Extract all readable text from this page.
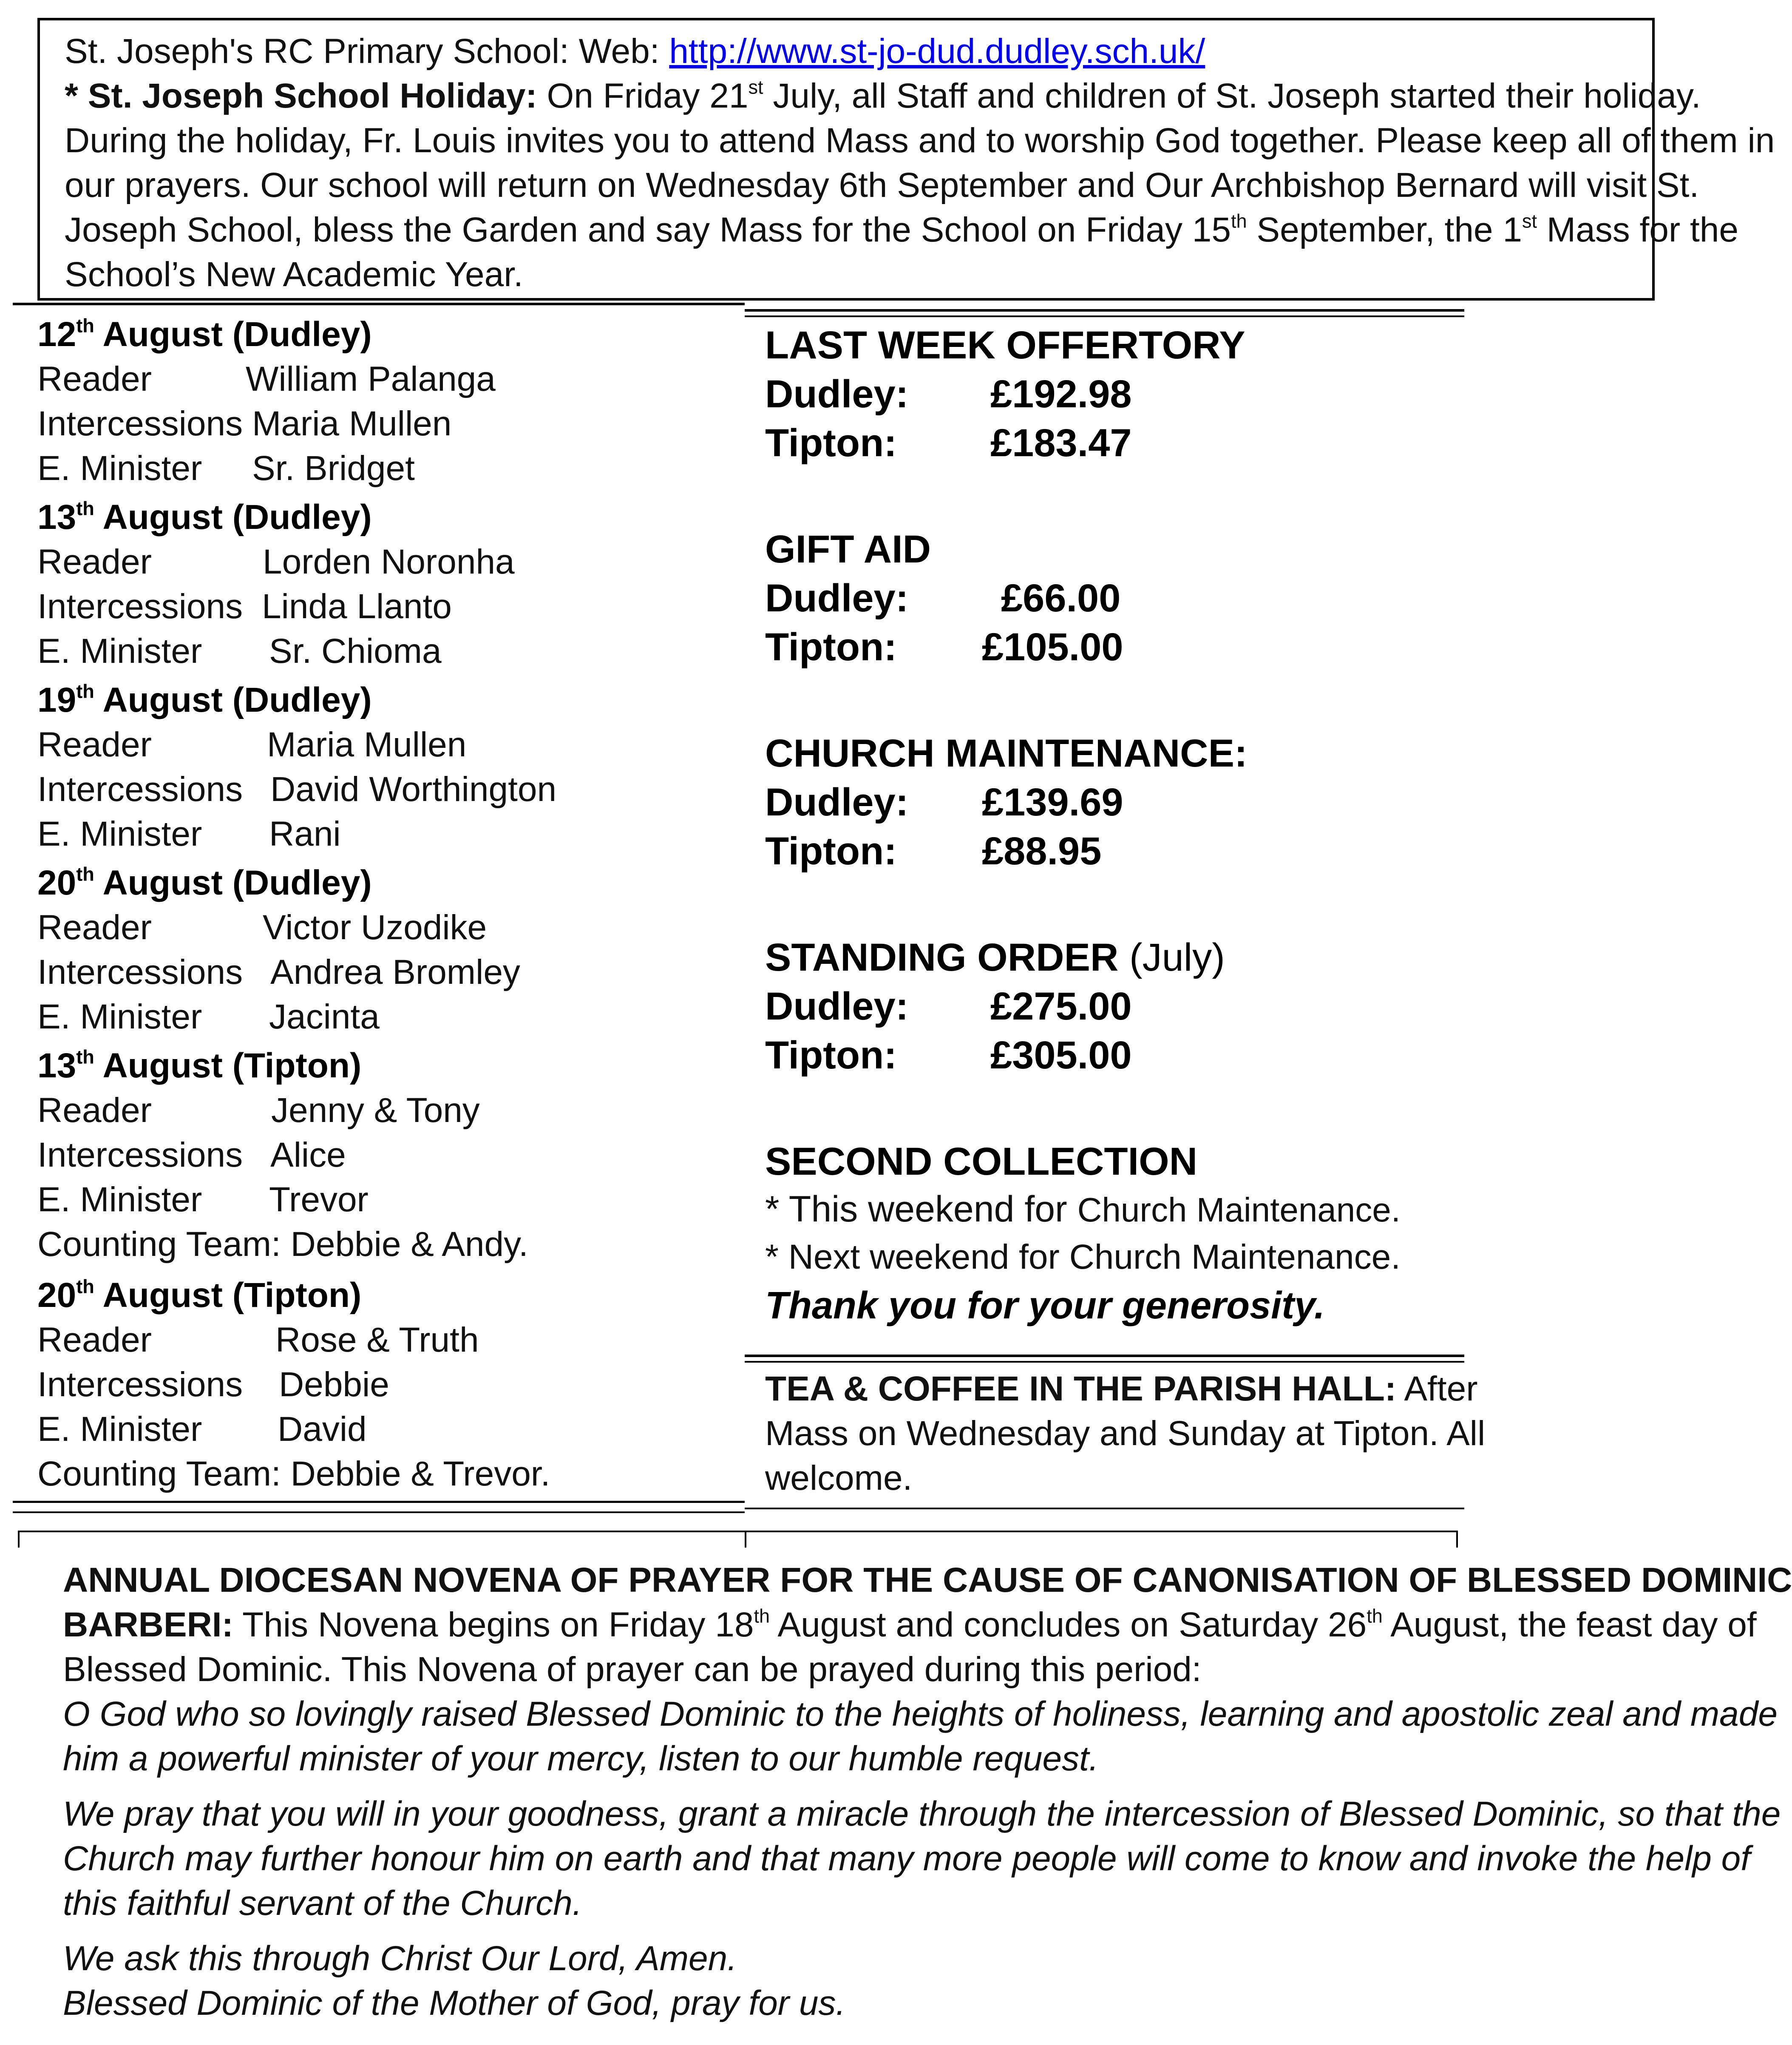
St. Joseph's RC Primary School: Web: http://www.st-jo-dud.dudley.sch.uk/
* St. Joseph School Holiday: On Friday 21st July, all Staff and children of St. Joseph started their holiday.
During the holiday, Fr. Louis invites you to attend Mass and to worship God together. Please keep all of them in
our prayers. Our school will return on Wednesday 6th September and Our Archbishop Bernard will visit St.
Joseph School, bless the Garden and say Mass for the School on Friday 15th September, the 1st Mass for the
School’s New Academic Year.
12th August (Dudley)
Reader	William Palanga
Intercessions Maria Mullen
E. Minister Sr. Bridget
13th August (Dudley)
Reader	Lorden Noronha
Intercessions Linda Llanto
E. Minister Sr. Chioma
19th August (Dudley)
Reader	Maria Mullen
Intercessions David Worthington
E. Minister Rani
20th August (Dudley)
Reader	Victor Uzodike
Intercessions Andrea Bromley
E. Minister Jacinta
13th August (Tipton)
Reader	Jenny & Tony
Intercessions Alice
E. Minister Trevor
Counting Team: Debbie & Andy.
20th August (Tipton)
Reader	Rose & Truth
Intercessions Debbie
E. Minister David
Counting Team: Debbie & Trevor.
LAST WEEK OFFERTORY
Dudley: £192.98
Tipton: £183.47
GIFT AID
Dudley: £66.00
Tipton: £105.00
CHURCH MAINTENANCE:
Dudley: £139.69
Tipton: £88.95
STANDING ORDER (July)
Dudley: £275.00
Tipton: £305.00
SECOND COLLECTION
* This weekend for Church Maintenance.
* Next weekend for Church Maintenance.
Thank you for your generosity.
TEA & COFFEE IN THE PARISH HALL: After
Mass on Wednesday and Sunday at Tipton. All
welcome.
ANNUAL DIOCESAN NOVENA OF PRAYER FOR THE CAUSE OF CANONISATION OF BLESSED DOMINIC
BARBERI: This Novena begins on Friday 18th August and concludes on Saturday 26th August, the feast day of
Blessed Dominic. This Novena of prayer can be prayed during this period:
O God who so lovingly raised Blessed Dominic to the heights of holiness, learning and apostolic zeal and made
him a powerful minister of your mercy, listen to our humble request.
We pray that you will in your goodness, grant a miracle through the intercession of Blessed Dominic, so that the
Church may further honour him on earth and that many more people will come to know and invoke the help of
this faithful servant of the Church.
We ask this through Christ Our Lord, Amen.
Blessed Dominic of the Mother of God, pray for us.
